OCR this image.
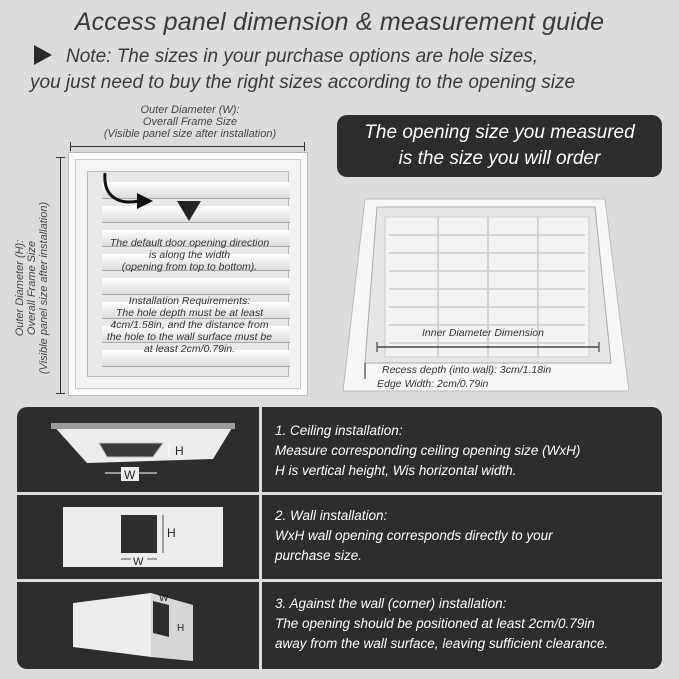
Access panel dimension & measurement guide
Note: The sizes in your purchase options are hole sizes,
you just need to buy the right sizes according to the opening size
The opening size you measured
is the size you will order
Outer Diameter (W):
Overall Frame Size
(Visible panel size after installation)
Outer Diameter (H): Overall Frame Size (Visible panel size after installation)	The default door opening direction
is along the width
(opening from top to bottom).
Installation Requirements:
The hole depth must be at least
4cm/1.58in, and the distance from
the hole to the wall surface must be
at least 2cm/0.79in.
Inner Diameter Dimension
Recess depth (into wall): 3cm/1.18in
Edge Width: 2cm/0.79in
H
W
H
W
W
H
1. Ceiling installation:
Measure corresponding ceiling opening size (WxH)
H is vertical height, Wis horizontal width.
2. Wall installation:
WxH wall opening corresponds directly to your
purchase size.
3. Against the wall (corner) installation:
The opening should be positioned at least 2cm/0.79in
away from the wall surface, leaving sufficient clearance.
